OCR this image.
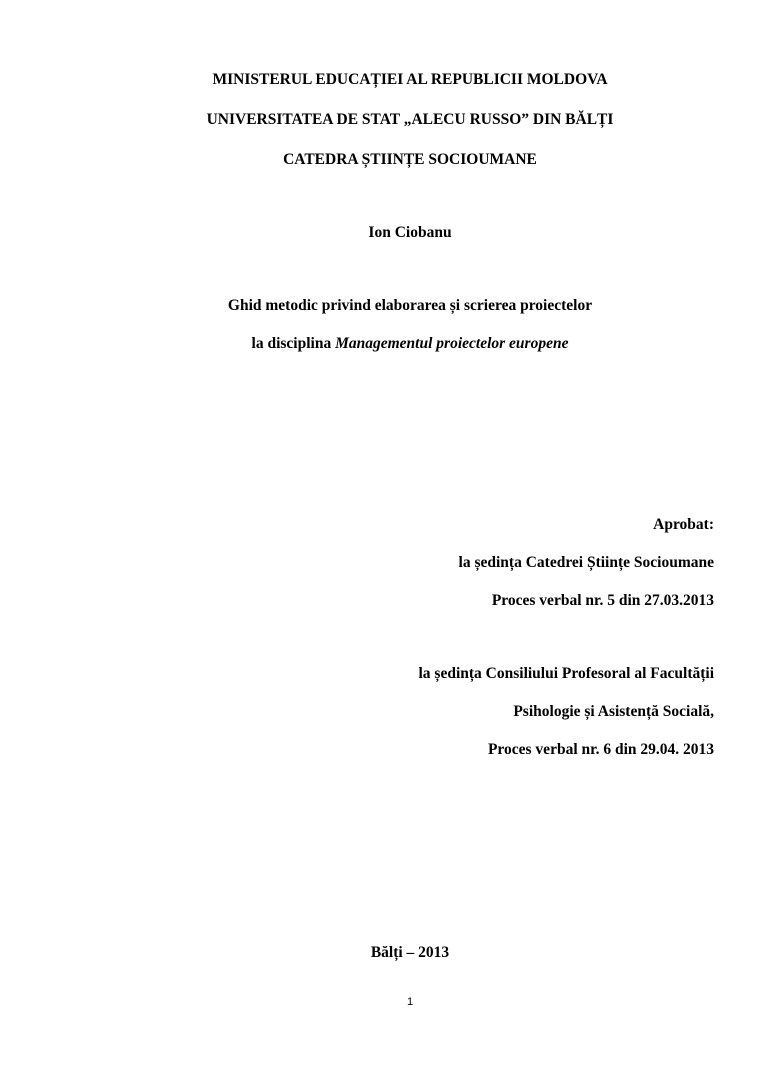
MINISTERUL EDUCAȚIEI AL REPUBLICII MOLDOVA
UNIVERSITATEA DE STAT „ALECU RUSSO” DIN BĂLȚI
CATEDRA ȘTIINȚE SOCIOUMANE
Ion Ciobanu
Ghid metodic privind elaborarea și scrierea proiectelor
la disciplina Managementul proiectelor europene
Aprobat:
la ședința Catedrei Științe Socioumane
Proces verbal nr. 5 din 27.03.2013
la ședința Consiliului Profesoral al Facultății
Psihologie și Asistență Socială,
Proces verbal nr. 6 din 29.04. 2013
Bălți – 2013
1
